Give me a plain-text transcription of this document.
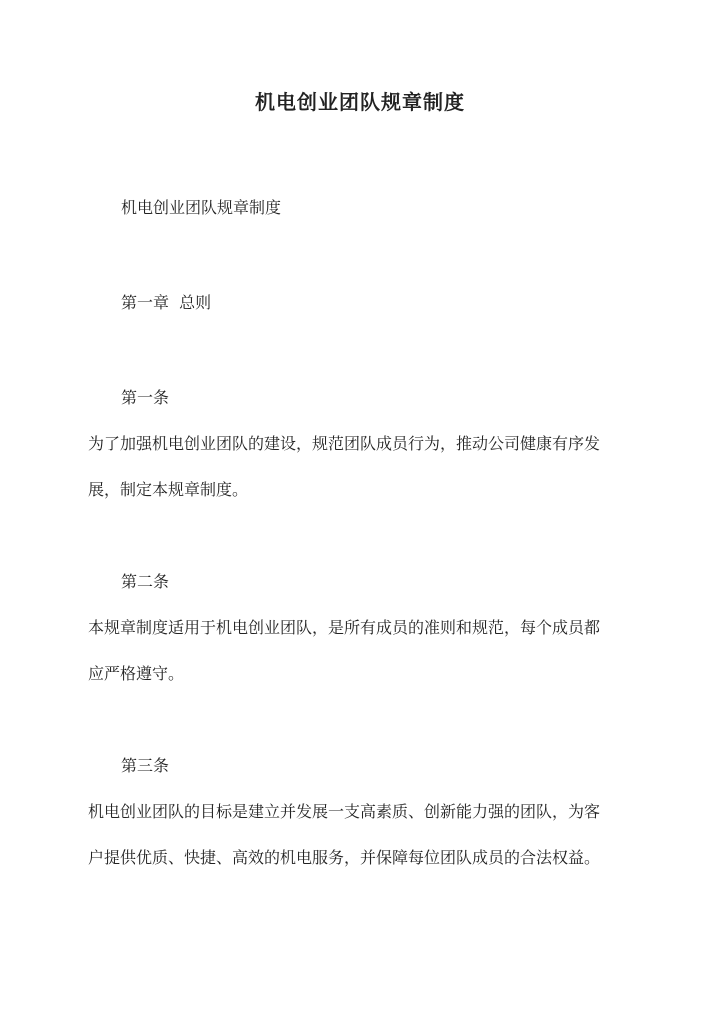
机电创业团队规章制度
机电创业团队规章制度
第一章  总则
第一条
为了加强机电创业团队的建设，规范团队成员行为，推动公司健康有序发
展，制定本规章制度。
第二条
本规章制度适用于机电创业团队，是所有成员的准则和规范，每个成员都
应严格遵守。
第三条
机电创业团队的目标是建立并发展一支高素质、创新能力强的团队，为客
户提供优质、快捷、高效的机电服务，并保障每位团队成员的合法权益。
